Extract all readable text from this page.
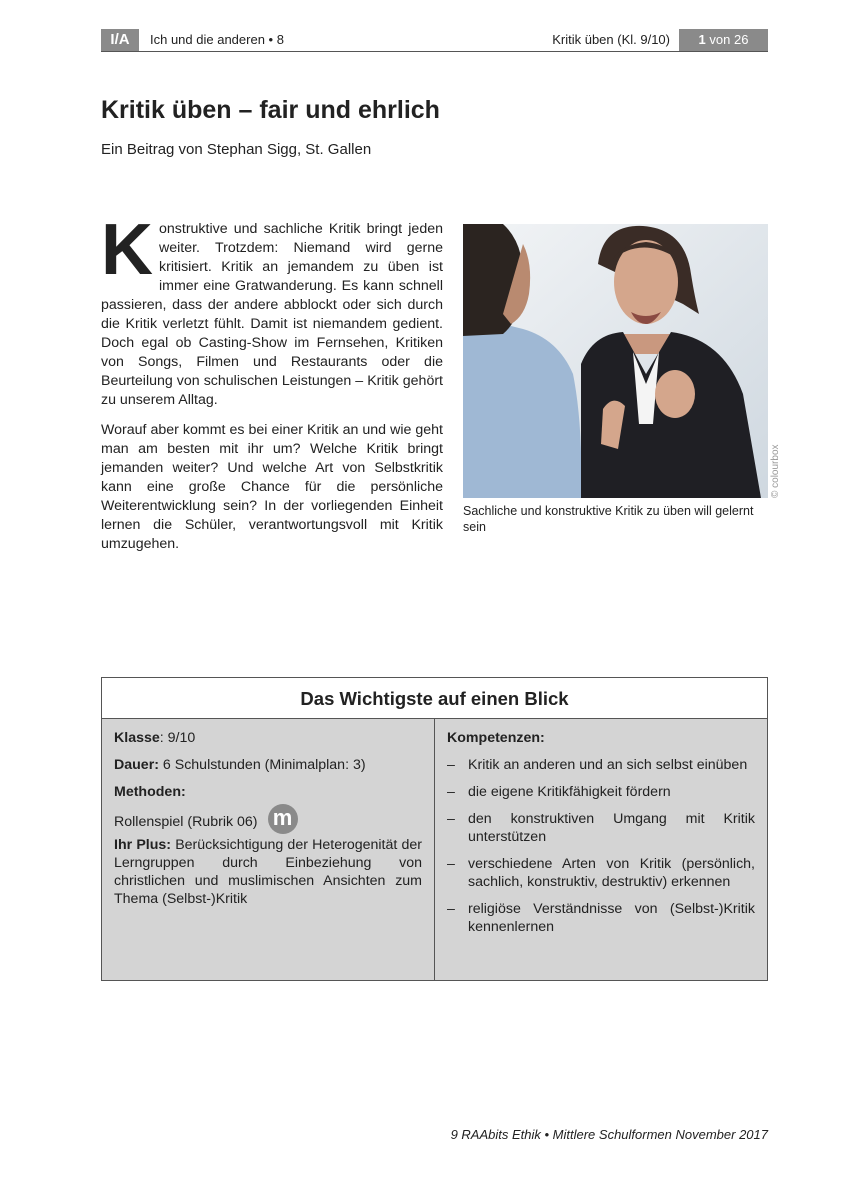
I/A	Ich und die anderen • 8	Kritik üben (Kl. 9/10)	1 von 26
Kritik üben – fair und ehrlich
Ein Beitrag von Stephan Sigg, St. Gallen

Konstruktive und sachliche Kritik bringt jeden weiter. Trotzdem: Niemand wird gerne kritisiert. Kritik an jemandem zu üben ist immer eine Gratwanderung. Es kann schnell passieren, dass der andere abblockt oder sich durch die Kritik verletzt fühlt. Damit ist niemandem gedient. Doch egal ob Casting-Show im Fernsehen, Kritiken von Songs, Filmen und Restaurants oder die Beurteilung von schulischen Leistungen – Kritik gehört zu unserem Alltag.

Worauf aber kommt es bei einer Kritik an und wie geht man am besten mit ihr um? Welche Kritik bringt jemanden weiter? Und welche Art von Selbstkritik kann eine große Chance für die persönliche Weiterentwicklung sein? In der vorliegenden Einheit lernen die Schüler, verantwortungsvoll mit Kritik umzugehen.

© colourbox
Sachliche und konstruktive Kritik zu üben will gelernt sein
Das Wichtigste auf einen Blick

Klasse: 9/10

Dauer: 6 Schulstunden (Minimalplan: 3)

Methoden:

Rollenspiel (Rubrik 06) m

Ihr Plus: Berücksichtigung der Heterogenität der Lerngruppen durch Einbeziehung von christlichen und muslimischen Ansichten zum Thema (Selbst-)Kritik

Kompetenzen:
– Kritik an anderen und an sich selbst einüben
– die eigene Kritikfähigkeit fördern
– den konstruktiven Umgang mit Kritik unterstützen
– verschiedene Arten von Kritik (persönlich, sachlich, konstruktiv, destruktiv) erkennen
– religiöse Verständnisse von (Selbst-)Kritik kennenlernen
9 RAAbits Ethik • Mittlere Schulformen November 2017
